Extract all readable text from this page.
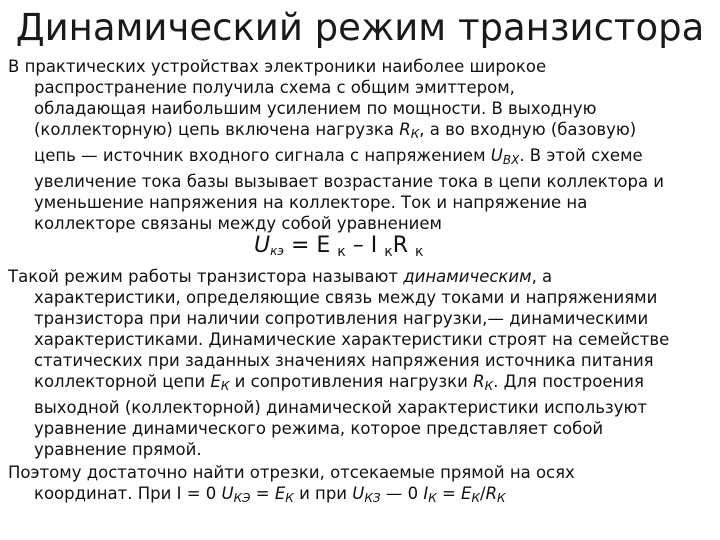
Динамический режим транзистора
В практических устройствах электроники наиболее широкое
распространение получила схема с общим эмиттером,
обладающая наибольшим усилением по мощности. В выходную
(коллекторную) цепь включена нагрузка RК, а во входную (базовую)
цепь — источник входного сигнала с напряжением UВХ. В этой схеме
увеличение тока базы вызывает возрастание тока в цепи коллектора и
уменьшение напряжения на коллекторе. Ток и напряжение на
коллекторе связаны между собой уравнением
Uкэ = Е $_к$ – I $_к$R $_к$
Такой режим работы транзистора называют динамическим, а
характеристики, определяющие связь между токами и напряжениями
транзистора при наличии сопротивления нагрузки,— динамическими
характеристиками. Динамические характеристики строят на семействе
статических при заданных значениях напряжения источника питания
коллекторной цепи EК и сопротивления нагрузки RК. Для построения
выходной (коллекторной) динамической характеристики используют
уравнение динамического режима, которое представляет собой
уравнение прямой.
Поэтому достаточно найти отрезки, отсекаемые прямой на осях
координат. При I = 0 UКЭ = EК и при UКЗ — 0 IК = EК/RК
